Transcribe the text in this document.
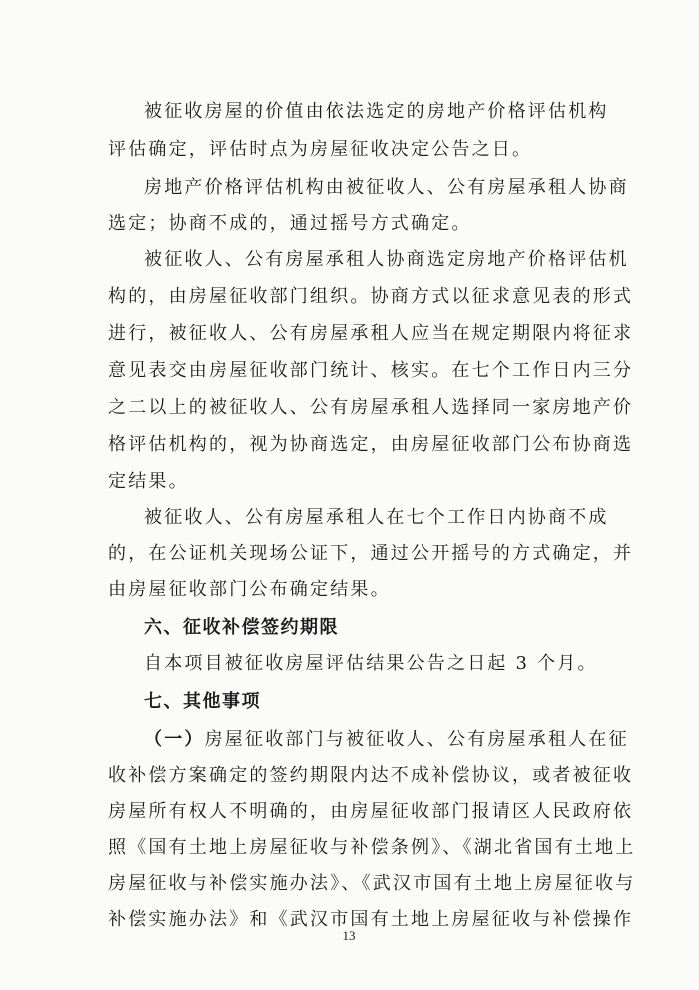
被征收房屋的价值由依法选定的房地产价格评估机构
评估确定，评估时点为房屋征收决定公告之日。
房地产价格评估机构由被征收人、公有房屋承租人协商
选定；协商不成的，通过摇号方式确定。
被征收人、公有房屋承租人协商选定房地产价格评估机
构的，由房屋征收部门组织。协商方式以征求意见表的形式
进行，被征收人、公有房屋承租人应当在规定期限内将征求
意见表交由房屋征收部门统计、核实。在七个工作日内三分
之二以上的被征收人、公有房屋承租人选择同一家房地产价
格评估机构的，视为协商选定，由房屋征收部门公布协商选
定结果。
被征收人、公有房屋承租人在七个工作日内协商不成
的，在公证机关现场公证下，通过公开摇号的方式确定，并
由房屋征收部门公布确定结果。
六、征收补偿签约期限
自本项目被征收房屋评估结果公告之日起 3 个月。
七、其他事项
（一）房屋征收部门与被征收人、公有房屋承租人在征
收补偿方案确定的签约期限内达不成补偿协议，或者被征收
房屋所有权人不明确的，由房屋征收部门报请区人民政府依
照《国有土地上房屋征收与补偿条例》、《湖北省国有土地上
房屋征收与补偿实施办法》、《武汉市国有土地上房屋征收与
补偿实施办法》和《武汉市国有土地上房屋征收与补偿操作
13
